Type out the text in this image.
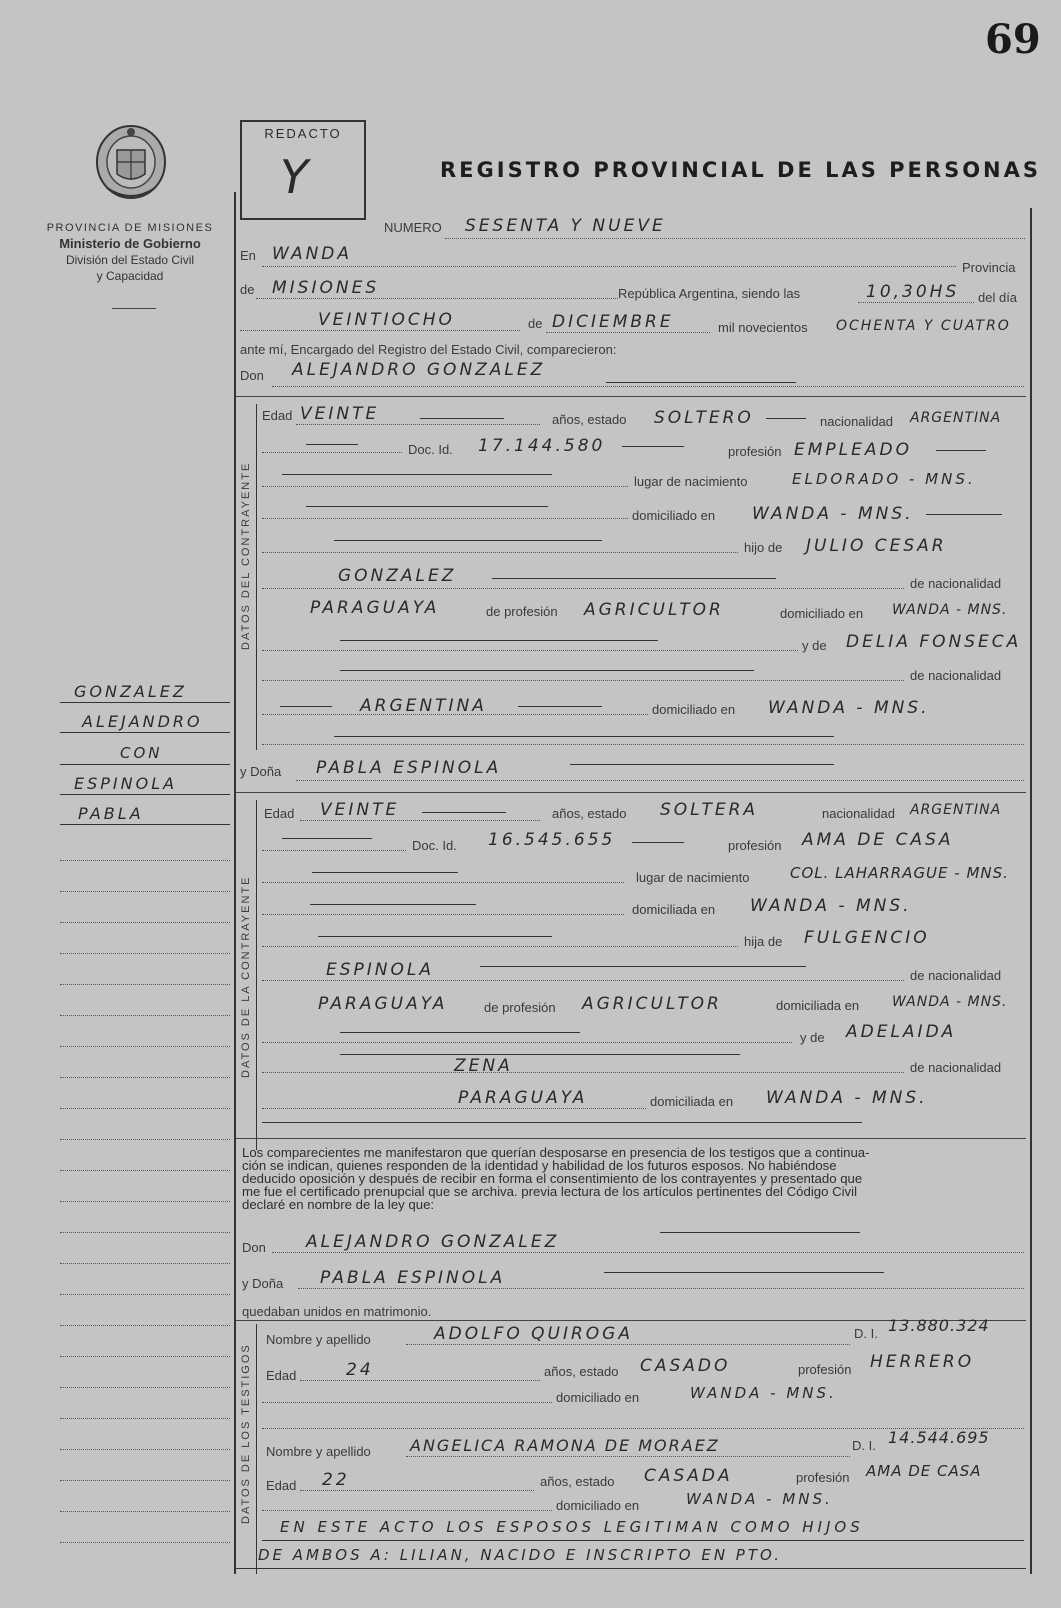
69
PROVINCIA DE MISIONES
Ministerio de Gobierno
División del Estado Civil
y Capacidad
REDACTO
Y	REGISTRO PROVINCIAL DE LAS PERSONAS
NUMERO SESENTA Y NUEVE
En WANDA
Provincia
de MISIONES	República Argentina, siendo las	10,30HS del día
VEINTIOCHO	de DICIEMBRE	mil novecientos OCHENTA Y CUATRO
ante mí, Encargado del Registro del Estado Civil, comparecieron:
Don ALEJANDRO GONZALEZ
DATOS DEL CONTRAYENTE
Edad VEINTE	años, estado SOLTERO	nacionalidad ARGENTINA
Doc. Id. 17.144.580	profesión EMPLEADO
lugar de nacimiento	ELDORADO - MNS.
domiciliado en WANDA - MNS.
hijo de JULIO CESAR
GONZALEZ	de nacionalidad
PARAGUAYA	de profesión AGRICULTOR	domiciliado en WANDA - MNS.
y de DELIA FONSECA
de nacionalidad
ARGENTINA	domiciliado en WANDA - MNS.
GONZALEZ
ALEJANDRO
CON
ESPINOLA
PABLA
y Doña PABLA ESPINOLA
DATOS DE LA CONTRAYENTE
Edad VEINTE	años, estado SOLTERA	nacionalidad ARGENTINA
Doc. Id. 16.545.655	profesión AMA DE CASA
lugar de nacimiento	COL. LAHARRAGUE - MNS.
domiciliada en WANDA - MNS.
hija de FULGENCIO
ESPINOLA	de nacionalidad
PARAGUAYA	de profesión AGRICULTOR	domiciliada en WANDA - MNS.
y de ADELAIDA
ZENA	de nacionalidad
PARAGUAYA	domiciliada en WANDA - MNS.
Los comparecientes me manifestaron que querían desposarse en presencia de los testigos que a continua-
ción se indican, quienes responden de la identidad y habilidad de los futuros esposos. No habiéndose
deducido oposición y después de recibir en forma el consentimiento de los contrayentes y presentado que
me fue el certificado prenupcial que se archiva. previa lectura de los artículos pertinentes del Código Civil
declaré en nombre de la ley que:
Don ALEJANDRO GONZALEZ
y Doña PABLA ESPINOLA
quedaban unidos en matrimonio.
DATOS DE LOS TESTIGOS
Nombre y apellido	ADOLFO QUIROGA	D. I. 13.880.324
Edad	24	años, estado CASADO	profesión HERRERO
domiciliado en	WANDA - MNS.
Nombre y apellido ANGELICA RAMONA DE MORAEZ	D. I. 14.544.695
Edad 22	años, estado CASADA	profesión AMA DE CASA
domiciliado en	WANDA - MNS.
EN ESTE ACTO LOS ESPOSOS LEGITIMAN COMO HIJOS
DE AMBOS A: LILIAN, NACIDO E INSCRIPTO EN PTO.
